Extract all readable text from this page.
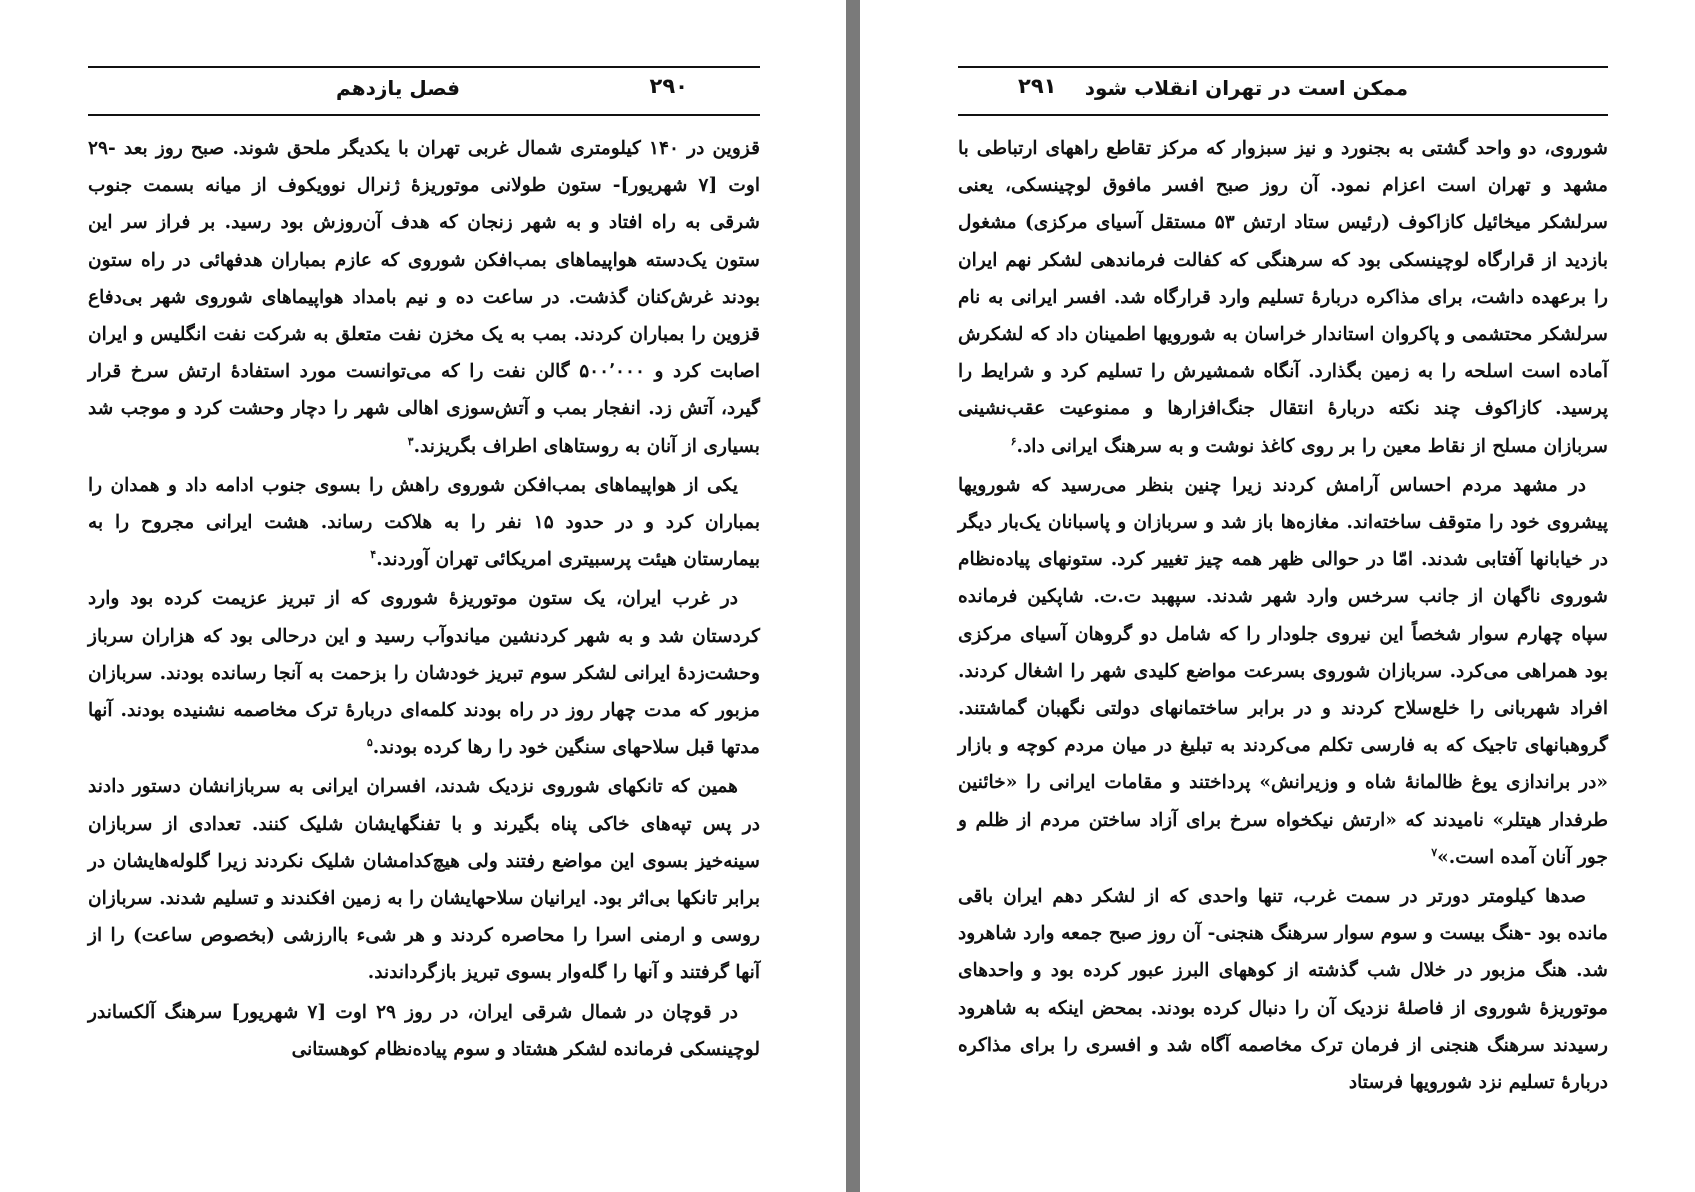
فصل یازدهم	۲۹۰

قزوین در ۱۴۰ کیلومتری شمال غربی تهران با یکدیگر ملحق شوند. صبح روز بعد -۲۹ اوت [۷ شهریور]- ستون طولانی موتوریزهٔ ژنرال نوویکوف از میانه بسمت جنوب شرقی به راه افتاد و به شهر زنجان که هدف آن‌روزش بود رسید. بر فراز سر این ستون یک‌دسته هواپیماهای بمب‌افکن شوروی که عازم بمباران هدفهائی در راه ستون بودند غرش‌کنان گذشت. در ساعت ده و نیم بامداد هواپیماهای شوروی شهر بی‌دفاع قزوین را بمباران کردند. بمب به یک مخزن نفت متعلق به شرکت نفت انگلیس و ایران اصابت کرد و ۵۰۰٬۰۰۰ گالن نفت را که می‌توانست مورد استفادهٔ ارتش سرخ قرار گیرد، آتش زد. انفجار بمب و آتش‌سوزی اهالی شهر را دچار وحشت کرد و موجب شد بسیاری از آنان به روستاهای اطراف بگریزند.$^۳$

یکی از هواپیماهای بمب‌افکن شوروی راهش را بسوی جنوب ادامه داد و همدان را بمباران کرد و در حدود ۱۵ نفر را به هلاکت رساند. هشت ایرانی مجروح را به بیمارستان هیئت پرسبیتری امریکائی تهران آوردند.$^۴$

در غرب ایران، یک ستون موتوریزهٔ شوروی که از تبریز عزیمت کرده بود وارد کردستان شد و به شهر کردنشین میاندوآب رسید و این درحالی بود که هزاران سرباز وحشت‌زدهٔ ایرانی لشکر سوم تبریز خودشان را بزحمت به آنجا رسانده بودند. سربازان مزبور که مدت چهار روز در راه بودند کلمه‌ای دربارهٔ ترک مخاصمه نشنیده بودند. آنها مدتها قبل سلاحهای سنگین خود را رها کرده بودند.$^۵$

همین که تانکهای شوروی نزدیک شدند، افسران ایرانی به سربازانشان دستور دادند در پس تپه‌های خاکی پناه بگیرند و با تفنگهایشان شلیک کنند. تعدادی از سربازان سینه‌خیز بسوی این مواضع رفتند ولی هیچ‌کدامشان شلیک نکردند زیرا گلوله‌هایشان در برابر تانکها بی‌اثر بود. ایرانیان سلاحهایشان را به زمین افکندند و تسلیم شدند. سربازان روسی و ارمنی اسرا را محاصره کردند و هر شیء باارزشی (بخصوص ساعت) را از آنها گرفتند و آنها را گله‌وار بسوی تبریز بازگرداندند.

در قوچان در شمال شرقی ایران، در روز ۲۹ اوت [۷ شهریور] سرهنگ آلکساندر لوچینسکی فرمانده لشکر هشتاد و سوم پیاده‌نظام کوهستانی

ممکن است در تهران انقلاب شود
۲۹۱

شوروی، دو واحد گشتی به بجنورد و نیز سبزوار که مرکز تقاطع راههای ارتباطی با مشهد و تهران است اعزام نمود. آن روز صبح افسر مافوق لوچینسکی، یعنی سرلشکر میخائیل کازاکوف (رئیس ستاد ارتش ۵۳ مستقل آسیای مرکزی) مشغول بازدید از قرارگاه لوچینسکی بود که سرهنگی که کفالت فرماندهی لشکر نهم ایران را برعهده داشت، برای مذاکره دربارهٔ تسلیم وارد قرارگاه شد. افسر ایرانی به نام سرلشکر محتشمی و پاکروان استاندار خراسان به شورویها اطمینان داد که لشکرش آماده است اسلحه را به زمین بگذارد. آنگاه شمشیرش را تسلیم کرد و شرایط را پرسید. کازاکوف چند نکته دربارهٔ انتقال جنگ‌افزارها و ممنوعیت عقب‌نشینی سربازان مسلح از نقاط معین را بر روی کاغذ نوشت و به سرهنگ ایرانی داد.$^۶$

در مشهد مردم احساس آرامش کردند زیرا چنین بنظر می‌رسید که شورویها پیشروی خود را متوقف ساخته‌اند. مغازه‌ها باز شد و سربازان و پاسبانان یک‌بار دیگر در خیابانها آفتابی شدند. امّا در حوالی ظهر همه چیز تغییر کرد. ستونهای پیاده‌نظام شوروی ناگهان از جانب سرخس وارد شهر شدند. سپهبد ت.ت. شاپکین فرمانده سپاه چهارم سوار شخصاً این نیروی جلودار را که شامل دو گروهان آسیای مرکزی بود همراهی می‌کرد. سربازان شوروی بسرعت مواضع کلیدی شهر را اشغال کردند. افراد شهربانی را خلع‌سلاح کردند و در برابر ساختمانهای دولتی نگهبان گماشتند. گروهبانهای تاجیک که به فارسی تکلم می‌کردند به تبلیغ در میان مردم کوچه و بازار «در براندازی یوغ ظالمانهٔ شاه و وزیرانش» پرداختند و مقامات ایرانی را «خائنین طرفدار هیتلر» نامیدند که «ارتش نیکخواه سرخ برای آزاد ساختن مردم از ظلم و جور آنان آمده است.»$^۷$

صدها کیلومتر دورتر در سمت غرب، تنها واحدی که از لشکر دهم ایران باقی مانده بود -هنگ بیست و سوم سوار سرهنگ هنجنی- آن روز صبح جمعه وارد شاهرود شد. هنگ مزبور در خلال شب گذشته از کوههای البرز عبور کرده بود و واحدهای موتوریزهٔ شوروی از فاصلهٔ نزدیک آن را دنبال کرده بودند. بمحض اینکه به شاهرود رسیدند سرهنگ هنجنی از فرمان ترک مخاصمه آگاه شد و افسری را برای مذاکره دربارهٔ تسلیم نزد شورویها فرستاد
